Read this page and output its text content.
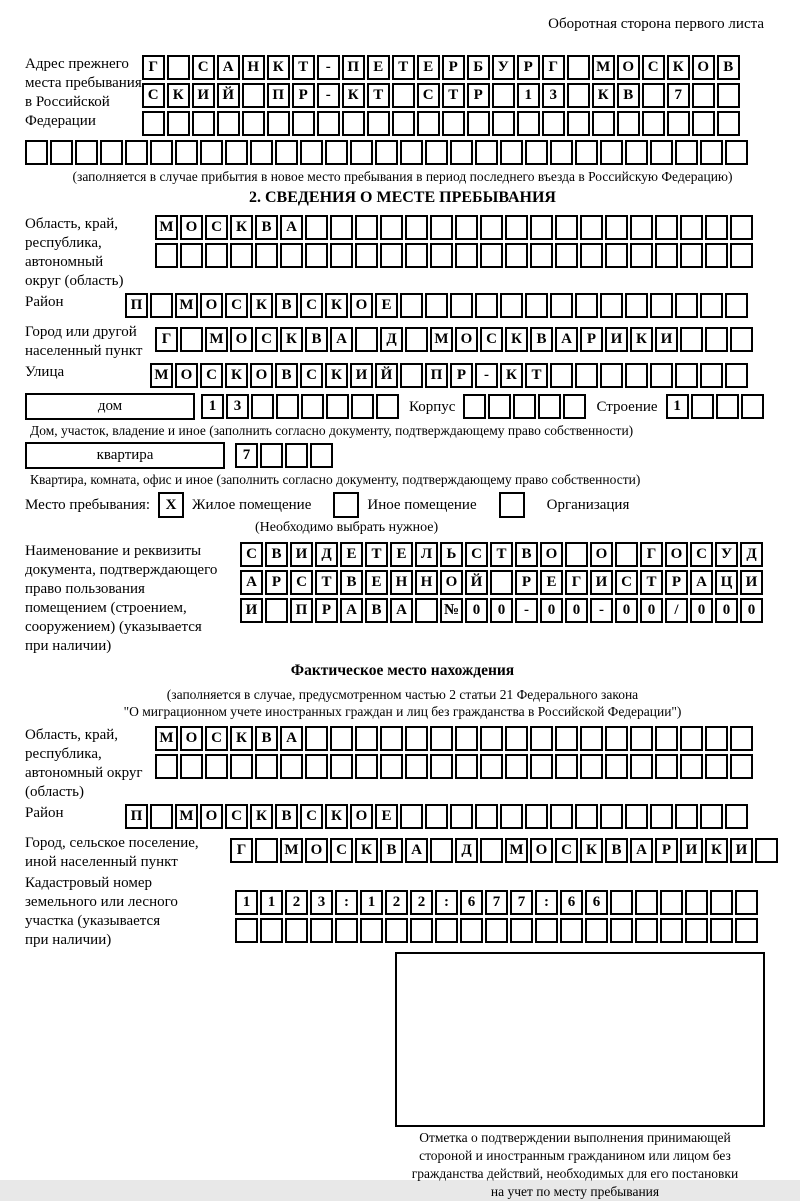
Оборотная сторона первого листа
Адрес прежнего
места пребывания
в Российской
Федерации
Г	С А Н К Т	-	П Е Т Е	Р	Б У Р	Г	М О С К О В
С К И Й	П Р	-	К Т	С Т	Р	1	3	К В	7
(заполняется в случае прибытия в новое место пребывания в период последнего въезда в Российскую Федерацию)
2. СВЕДЕНИЯ О МЕСТЕ ПРЕБЫВАНИЯ
Область, край,
республика,
автономный
округ (область)
М О С К В А
Район	П	М О С К В С К О Е
Город или другой
населенный пункт
Г	М О С К В А	Д	М О С К В А Р И К И
Улица	М О С К О В С К И Й	П Р	-	К Т
дом	1	3	Корпус	Строение	1
Дом, участок, владение и иное (заполнить согласно документу, подтверждающему право собственности)
квартира	7
Квартира, комната, офис и иное (заполнить согласно документу, подтверждающему право собственности)
Место пребывания:	X	Жилое помещение	Иное помещение	Организация
(Необходимо выбрать нужное)
Наименование и реквизиты
документа, подтверждающего
право пользования
помещением (строением,
сооружением) (указывается
при наличии)
С В И Д Е Т Е Л Ь С Т В О	О	Г О С У Д
А Р	С Т В Е Н Н О Й	Р	Е	Г И С Т	Р	А Ц И
И	П Р	А В А	№ 0	0	-	0	0	-	0	0	/	0	0	0
Фактическое место нахождения
(заполняется в случае, предусмотренном частью 2 статьи 21 Федерального закона
"О миграционном учете иностранных граждан и лиц без гражданства в Российской Федерации")
Область, край,
республика,
автономный округ
(область)
М О С К В А
Район	П	М О С К В С К О Е
Город, сельское поселение,
иной населенный пункт
Г	М О С К В А	Д	М О С К В А Р И К И
Кадастровый номер
земельного или лесного
участка (указывается
при наличии)
1	1	2	3	:	1	2	2	:	6	7	7	:	6	6
Отметка о подтверждении выполнения принимающей
стороной и иностранным гражданином или лицом без
гражданства действий, необходимых для его постановки
на учет по месту пребывания
